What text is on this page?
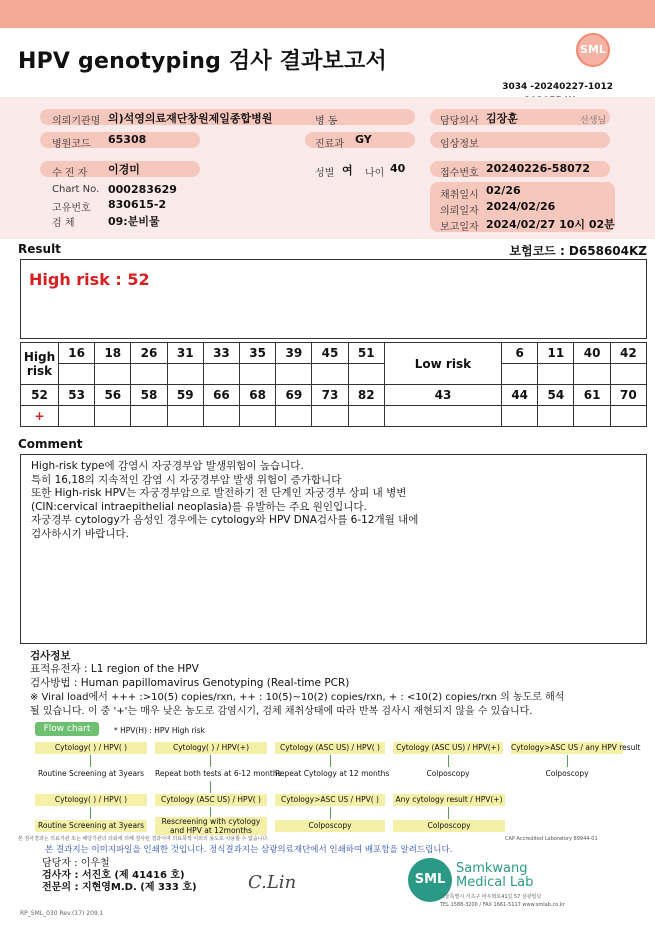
HPV genotyping 검사 결과보고서	SML
3034 -20240227-1012
의뢰기관명 의)석영의료재단창원제일종합병원	병 동	담당의사 김장훈	선생님
병원코드 65308	진료과 GY	임상정보
수 진 자 이경미	성별 여 나이 40	접수번호 20240226-58072
Chart No. 000283629
고유번호 830615-2
검 체	09:분비물
채취일시 02/26
의뢰일자 2024/02/26
보고일자 2024/02/27 10시 02분
Result	보험코드 : D658604KZ
High risk : 52
High risk	16	18	26	31	33	35	39	45	51	Low risk	6	11	40	42

52	53	56	58	59	66	68	69	73	82	43	44	54	61	70
+														
Comment
High-risk type에 감염시 자궁경부암 발생위험이 높습니다.
특히 16,18의 지속적인 감염 시 자궁경부암 발생 위험이 증가합니다
또한 High-risk HPV는 자궁경부암으로 발전하기 전 단계인 자궁경부 상피 내 병변
(CIN:cervical intraepithelial neoplasia)를 유발하는 주요 원인입니다.
자궁경부 cytology가 음성인 경우에는 cytology와 HPV DNA검사를 6-12개월 내에
검사하시기 바랍니다.
검사정보
표적유전자 : L1 region of the HPV
검사방법 : Human papillomavirus Genotyping (Real-time PCR)
※ Viral load에서 +++ :>10(5) copies/rxn, ++ : 10(5)~10(2) copies/rxn, + : <10(2) copies/rxn 의 농도로 해석
될 있습니다. 이 중 '+'는 매우 낮은 농도로 감염시기, 검체 채취상태에 따라 반복 검사시 재현되지 않을 수 있습니다.
Flow chart	* HPV(H) : HPV High risk
Cytology( ) / HPV( )	Cytology( ) / HPV(+)	Cytology (ASC US) / HPV( )	Cytology (ASC US) / HPV(+)	Cytology>ASC US / any HPV result
Routine Screening at 3years	Repeat both tests at 6-12 months
Repeat Cytology at 12 months	Colposcopy	Colposcopy
Cytology( ) / HPV( )	Cytology (ASC US) / HPV( )	Cytology>ASC US / HPV( )	Any cytology result / HPV(+)
Routine Screening at 3years	Rescreening with cytology
and HPV at 12months	Colposcopy	Colposcopy
본 검사결과는 의료기관 또는 해당기관의 의뢰에 의해 검사된 결과이며 의료목적 이외의 용도로 사용할 수 없습니다.	CAP Accredited Laboratory 89944-01
본 결과지는 이미지파일을 인쇄한 것입니다. 정식결과지는 삼광의료재단에서 인쇄하여 배포함을 알려드립니다.
담당자 : 이우철
검사자 : 서진호 (제 41416 호)
전문의 : 지현영M.D. (제 333 호)	C.Lin	SML
Samkwang
Medical Lab
서울특별시 서초구 바우뫼로41길 57 삼광빌딩
TEL 1588-3200 / FAX 1661-5117 www.smlab.co.kr
RP_SML_030 Rev.(17) 209.1
